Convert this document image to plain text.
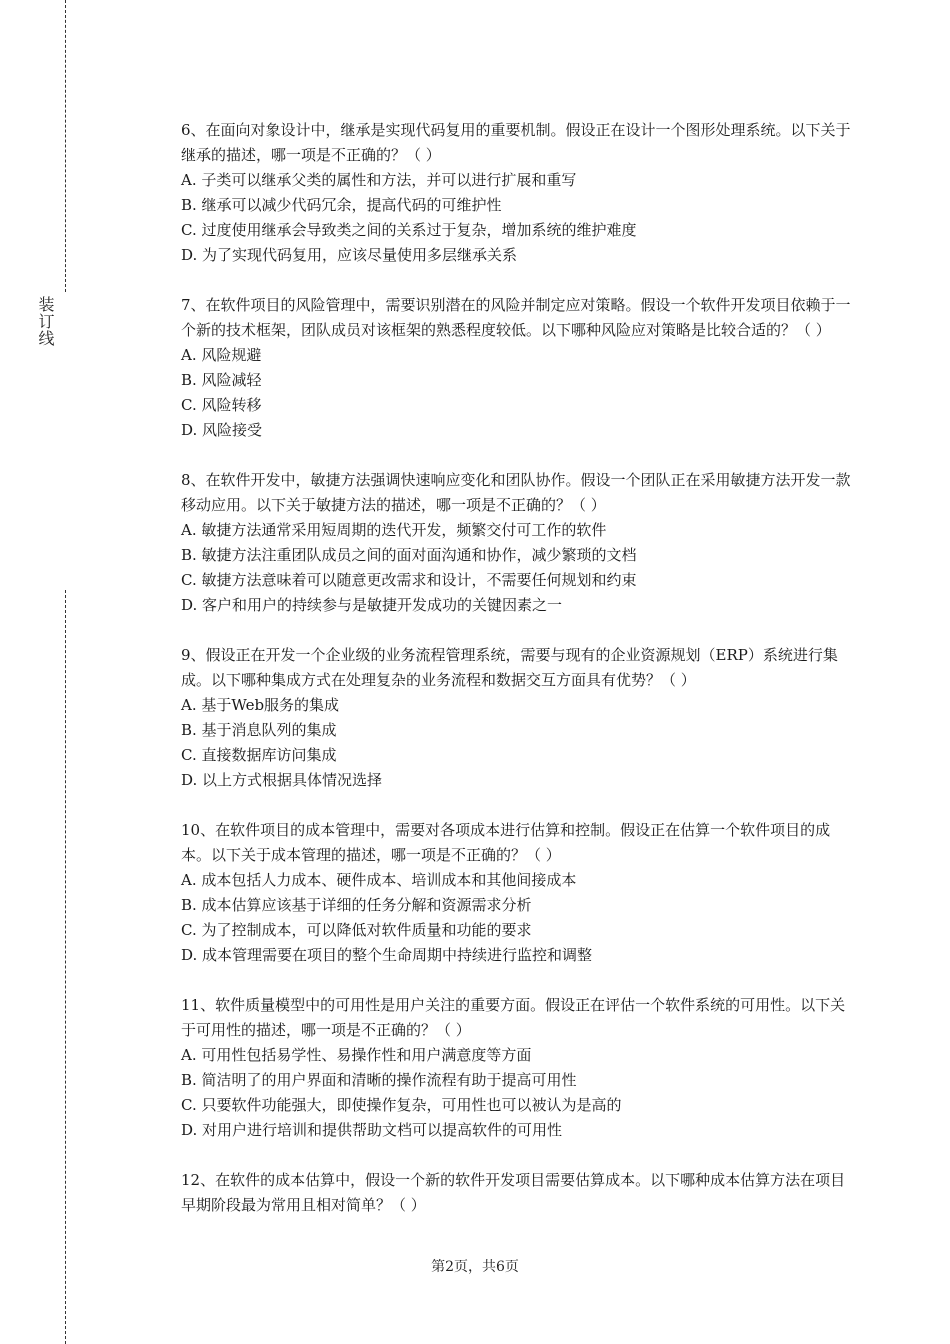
装订线

6、在面向对象设计中，继承是实现代码复用的重要机制。假设正在设计一个图形处理系统。以下关于继承的描述，哪一项是不正确的？（ ）

A. 子类可以继承父类的属性和方法，并可以进行扩展和重写

B. 继承可以减少代码冗余，提高代码的可维护性

C. 过度使用继承会导致类之间的关系过于复杂，增加系统的维护难度

D. 为了实现代码复用，应该尽量使用多层继承关系

7、在软件项目的风险管理中，需要识别潜在的风险并制定应对策略。假设一个软件开发项目依赖于一个新的技术框架，团队成员对该框架的熟悉程度较低。以下哪种风险应对策略是比较合适的？（ ）

A. 风险规避

B. 风险减轻

C. 风险转移

D. 风险接受

8、在软件开发中，敏捷方法强调快速响应变化和团队协作。假设一个团队正在采用敏捷方法开发一款移动应用。以下关于敏捷方法的描述，哪一项是不正确的？（ ）

A. 敏捷方法通常采用短周期的迭代开发，频繁交付可工作的软件

B. 敏捷方法注重团队成员之间的面对面沟通和协作，减少繁琐的文档

C. 敏捷方法意味着可以随意更改需求和设计，不需要任何规划和约束

D. 客户和用户的持续参与是敏捷开发成功的关键因素之一

9、假设正在开发一个企业级的业务流程管理系统，需要与现有的企业资源规划（ERP）系统进行集成。以下哪种集成方式在处理复杂的业务流程和数据交互方面具有优势？（ ）

A. 基于Web服务的集成

B. 基于消息队列的集成

C. 直接数据库访问集成

D. 以上方式根据具体情况选择

10、在软件项目的成本管理中，需要对各项成本进行估算和控制。假设正在估算一个软件项目的成本。以下关于成本管理的描述，哪一项是不正确的？（ ）

A. 成本包括人力成本、硬件成本、培训成本和其他间接成本

B. 成本估算应该基于详细的任务分解和资源需求分析

C. 为了控制成本，可以降低对软件质量和功能的要求

D. 成本管理需要在项目的整个生命周期中持续进行监控和调整

11、软件质量模型中的可用性是用户关注的重要方面。假设正在评估一个软件系统的可用性。以下关于可用性的描述，哪一项是不正确的？（ ）

A. 可用性包括易学性、易操作性和用户满意度等方面

B. 简洁明了的用户界面和清晰的操作流程有助于提高可用性

C. 只要软件功能强大，即使操作复杂，可用性也可以被认为是高的

D. 对用户进行培训和提供帮助文档可以提高软件的可用性

12、在软件的成本估算中，假设一个新的软件开发项目需要估算成本。以下哪种成本估算方法在项目早期阶段最为常用且相对简单？（ ）

第2页，共6页
